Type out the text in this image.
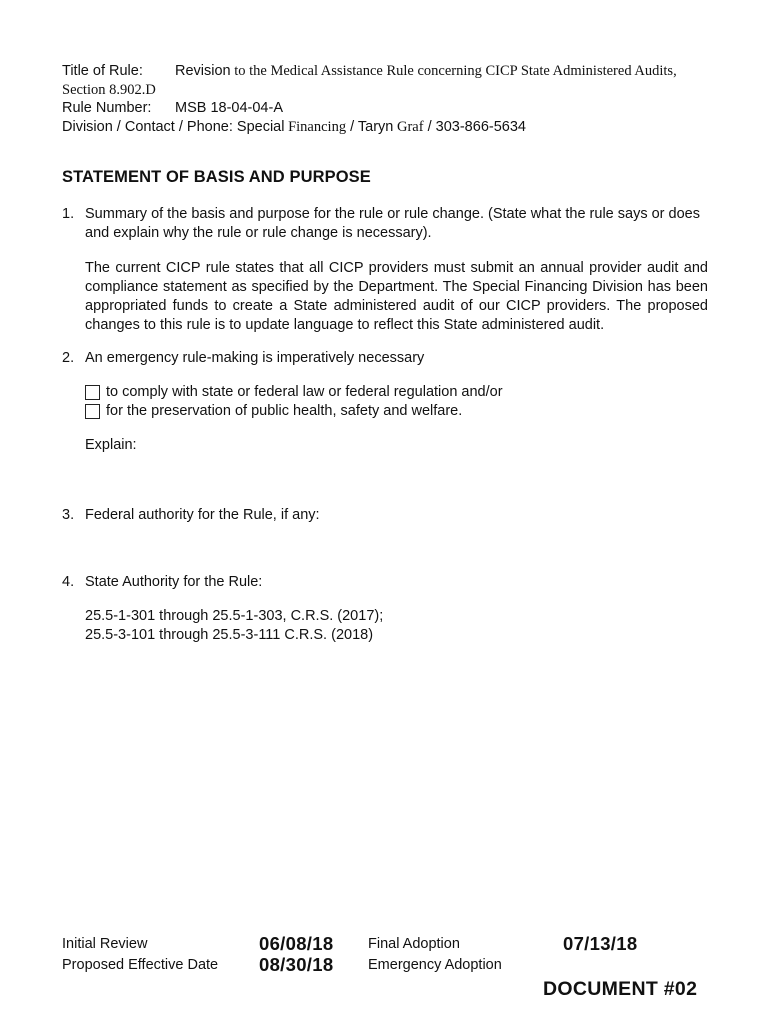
Title of Rule: Revision to the Medical Assistance Rule concerning CICP State Administered Audits,
Section 8.902.D
Rule Number: MSB 18-04-04-A
Division / Contact / Phone: Special Financing / Taryn Graf / 303-866-5634
STATEMENT OF BASIS AND PURPOSE
1. Summary of the basis and purpose for the rule or rule change. (State what the rule says or does and explain why the rule or rule change is necessary).
The current CICP rule states that all CICP providers must submit an annual provider audit and compliance statement as specified by the Department. The Special Financing Division has been appropriated funds to create a State administered audit of our CICP providers. The proposed changes to this rule is to update language to reflect this State administered audit.
2. An emergency rule-making is imperatively necessary
to comply with state or federal law or federal regulation and/or
for the preservation of public health, safety and welfare.
Explain:
3. Federal authority for the Rule, if any:
4. State Authority for the Rule:
25.5-1-301 through 25.5-1-303, C.R.S. (2017);
25.5-3-101 through 25.5-3-111 C.R.S. (2018)
Initial Review	06/08/18 Final Adoption	07/13/18
Proposed Effective Date 08/30/18 Emergency Adoption
DOCUMENT #02
